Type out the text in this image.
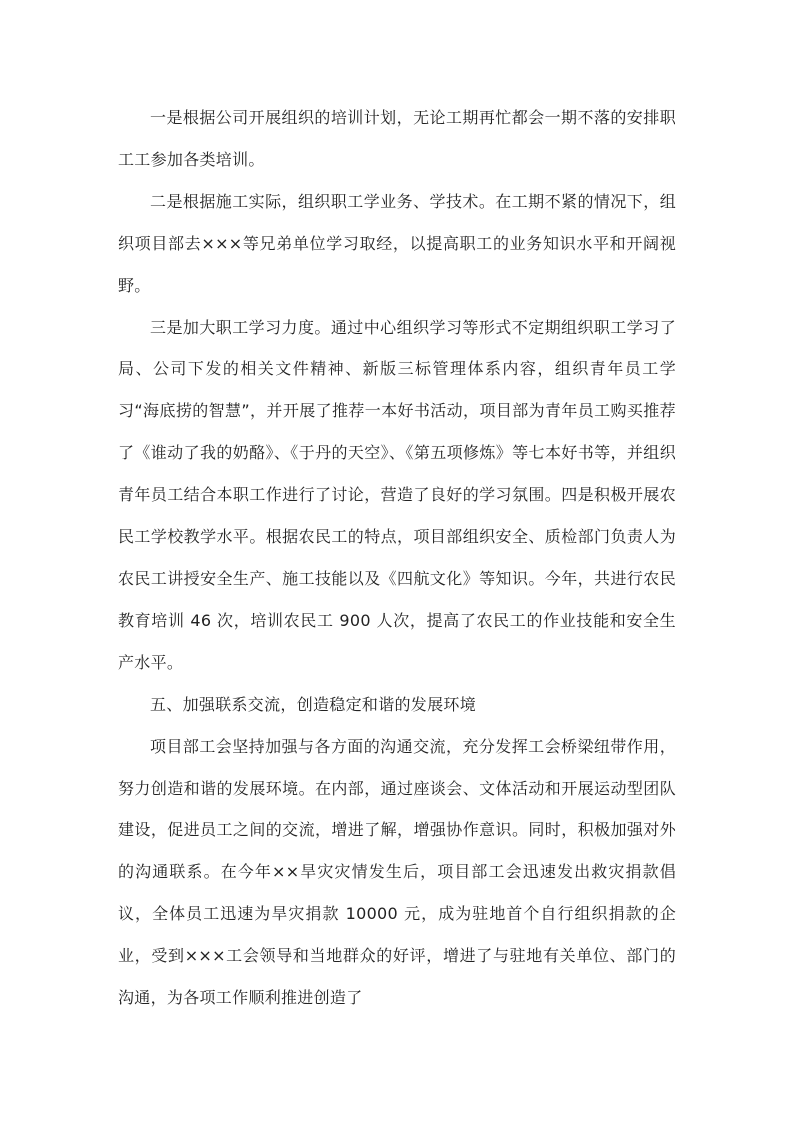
一是根据公司开展组织的培训计划，无论工期再忙都会一期不落的安排职工工参加各类培训。

二是根据施工实际，组织职工学业务、学技术。在工期不紧的情况下，组织项目部去×××等兄弟单位学习取经，以提高职工的业务知识水平和开阔视野。

三是加大职工学习力度。通过中心组织学习等形式不定期组织职工学习了局、公司下发的相关文件精神、新版三标管理体系内容，组织青年员工学习“海底捞的智慧”，并开展了推荐一本好书活动，项目部为青年员工购买推荐了《谁动了我的奶酪》、《于丹的天空》、《第五项修炼》等七本好书等，并组织青年员工结合本职工作进行了讨论，营造了良好的学习氛围。四是积极开展农民工学校教学水平。根据农民工的特点，项目部组织安全、质检部门负责人为农民工讲授安全生产、施工技能以及《四航文化》等知识。今年，共进行农民教育培训 46 次，培训农民工 900 人次，提高了农民工的作业技能和安全生产水平。

五、加强联系交流，创造稳定和谐的发展环境

项目部工会坚持加强与各方面的沟通交流，充分发挥工会桥梁纽带作用，努力创造和谐的发展环境。在内部，通过座谈会、文体活动和开展运动型团队建设，促进员工之间的交流，增进了解，增强协作意识。同时，积极加强对外的沟通联系。在今年××旱灾灾情发生后，项目部工会迅速发出救灾捐款倡议，全体员工迅速为旱灾捐款 10000 元，成为驻地首个自行组织捐款的企业，受到×××工会领导和当地群众的好评，增进了与驻地有关单位、部门的沟通，为各项工作顺利推进创造了
